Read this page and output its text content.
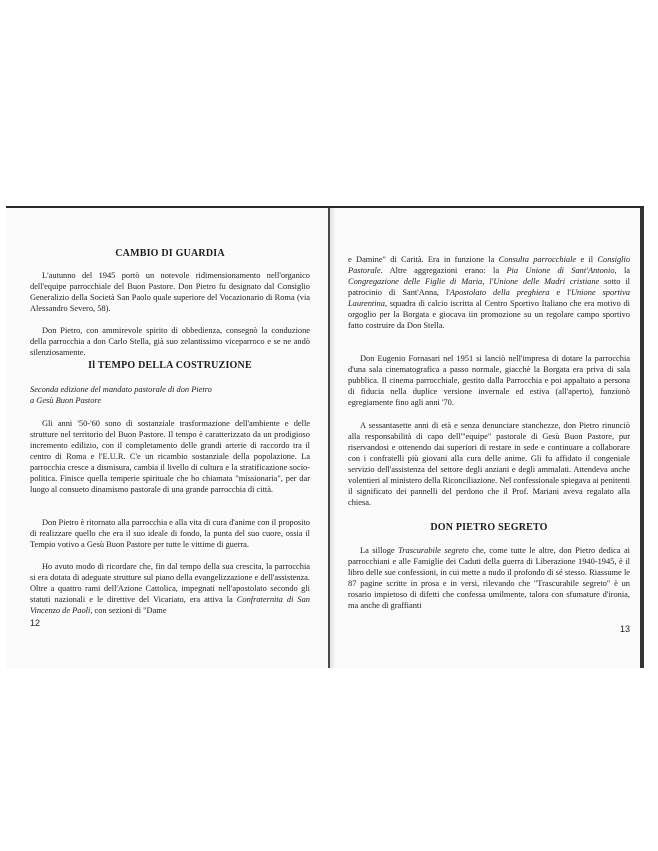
CAMBIO DI GUARDIA

L'autunno del 1945 portò un notevole ridimensionamento nell'organico dell'equipe parrocchiale del Buon Pastore. Don Pietro fu designato dal Consiglio Generalizio della Società San Paolo quale superiore del Vocazionario di Roma (via Alessandro Severo, 58).

Don Pietro, con ammirevole spirito di obbedienza, consegnò la conduzione della parrocchia a don Carlo Stella, già suo zelantissimo viceparroco e se ne andò silenziosamente.

Il TEMPO DELLA COSTRUZIONE

Seconda edizione del mandato pastorale di don Pietro

a Gesù Buon Pastore

Gli anni '50-'60 sono di sostanziale trasformazione dell'ambiente e delle strutture nel territorio del Buon Pastore. Il tempo è caratterizzato da un prodigioso incremento edilizio, con il completamento delle grandi arterie di raccordo tra il centro di Roma e l'E.U.R. C'e un ricambio sostanziale della popolazione. La parrocchia cresce a dismisura, cambia il livello di cultura e la stratificazione socio-politica. Finisce quella temperie spirituale che ho chiamata "missionaria", per dar luogo al consueto dinamismo pastorale di una grande parrocchia di città.

Don Pietro è ritornato alla parrocchia e alla vita di cura d'anime con il proposito di realizzare quello che era il suo ideale di fondo, la punta del suo cuore, ossia il Tempio votivo a Gesù Buon Pastore per tutte le vittime di guerra.

Ho avuto modo di ricordare che, fin dal tempo della sua crescita, la parrocchia si era dotata di adeguate strutture sul piano della evangelizzazione e dell'assistenza. Oltre a quattro rami dell'Azione Cattolica, impegnati nell'apostolato secondo gli statuti nazionali e le direttive del Vicariato, era attiva la Confraternita di San Vincenzo de Paoli, con sezioni di "Dame

12

e Damine" di Carità. Era in funzione la Consulta parrocchiale e il Consiglio Pastorale. Altre aggregazioni erano: la Pia Unione di Sant'Antonio, la Congregazione delle Figlie di Maria, l'Unione delle Madri cristiane sotto il patrocinio di Sant'Anna, l'Apostolato della preghiera e l'Unione sportiva Laurentina, squadra di calcio iscritta al Centro Sportivo Italiano che era motivo di orgoglio per la Borgata e giocava iin promozione su un regolare campo sportivo fatto costruire da Don Stella.

Don Eugenio Fornasari nel 1951 si lanciò nell'impresa di dotare la parrocchia d'una sala cinematografica a passo normale, giacchè la Borgata era priva di sala pubblica. Il cinema parrocchiale, gestito dalla Parrocchia e poi appaltato a persona di fiducia nella duplice versione invernale ed estiva (all'aperto), funzionò egregiamente fino agli anni '70.

A sessantasette anni di età e senza denunciare stanchezze, don Pietro rinunciò alla responsabilità di capo dell'"equipe" pastorale di Gesù Buon Pastore, pur riservandosi e ottenendo dai superiori di restare in sede e continuare a collaborare con i confratelli più giovani alla cura delle anime. Gli fu affidato il congeniale servizio dell'assistenza del settore degli anziani e degli ammalati. Attendeva anche volentieri al ministero della Riconciliazione. Nel confessionale spiegava ai penitenti il significato dei pannelli del perdono che il Prof. Mariani aveva regalato alla chiesa.

DON PIETRO SEGRETO

La silloge Trascurabile segreto che, come tutte le altre, don Pietro dedica ai parrocchiani e alle Famiglie dei Caduti della guerra di Liberazione 1940-1945, è il libro delle sue confessioni, in cui mette a nudo il profondo di sé stesso. Riassume le 87 pagine scritte in prosa e in versi, rilevando che "Trascurabile segreto" è un rosario impietoso di difetti che confessa umilmente, talora con sfumature d'ironia, ma anche di graffianti

13
